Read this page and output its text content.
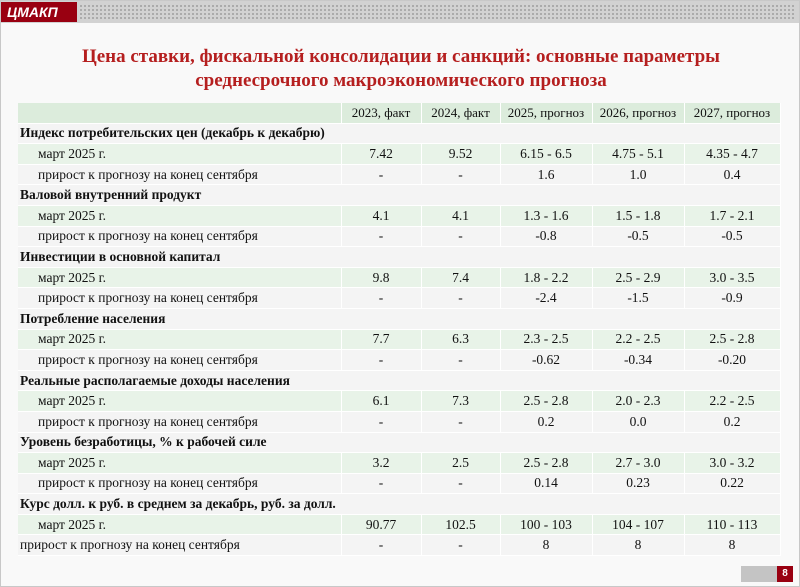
ЦМАКП
Цена ставки, фискальной консолидации и санкций: основные параметры
среднесрочного макроэкономического прогноза
	2023, факт	2024, факт	2025, прогноз	2026, прогноз	2027, прогноз
Индекс потребительских цен (декабрь к декабрю)					
март 2025 г.	7.42	9.52	6.15 - 6.5	4.75 - 5.1	4.35 - 4.7
прирост к прогнозу на конец сентября	-	-	1.6	1.0	0.4
Валовой внутренний продукт					
март 2025 г.	4.1	4.1	1.3 - 1.6	1.5 - 1.8	1.7 - 2.1
прирост к прогнозу на конец сентября	-	-	-0.8	-0.5	-0.5
Инвестиции в основной капитал					
март 2025 г.	9.8	7.4	1.8 - 2.2	2.5 - 2.9	3.0 - 3.5
прирост к прогнозу на конец сентября	-	-	-2.4	-1.5	-0.9
Потребление населения					
март 2025 г.	7.7	6.3	2.3 - 2.5	2.2 - 2.5	2.5 - 2.8
прирост к прогнозу на конец сентября	-	-	-0.62	-0.34	-0.20
Реальные располагаемые доходы населения					
март 2025 г.	6.1	7.3	2.5 - 2.8	2.0 - 2.3	2.2 - 2.5
прирост к прогнозу на конец сентября	-	-	0.2	0.0	0.2
Уровень безработицы, % к рабочей силе					
март 2025 г.	3.2	2.5	2.5 - 2.8	2.7 - 3.0	3.0 - 3.2
прирост к прогнозу на конец сентября	-	-	0.14	0.23	0.22
Курс долл. к руб. в среднем за декабрь, руб. за долл.					
март 2025 г.	90.77	102.5	100 - 103	104 - 107	110 - 113
прирост к прогнозу на конец сентября	-	-	8	8	8
8
